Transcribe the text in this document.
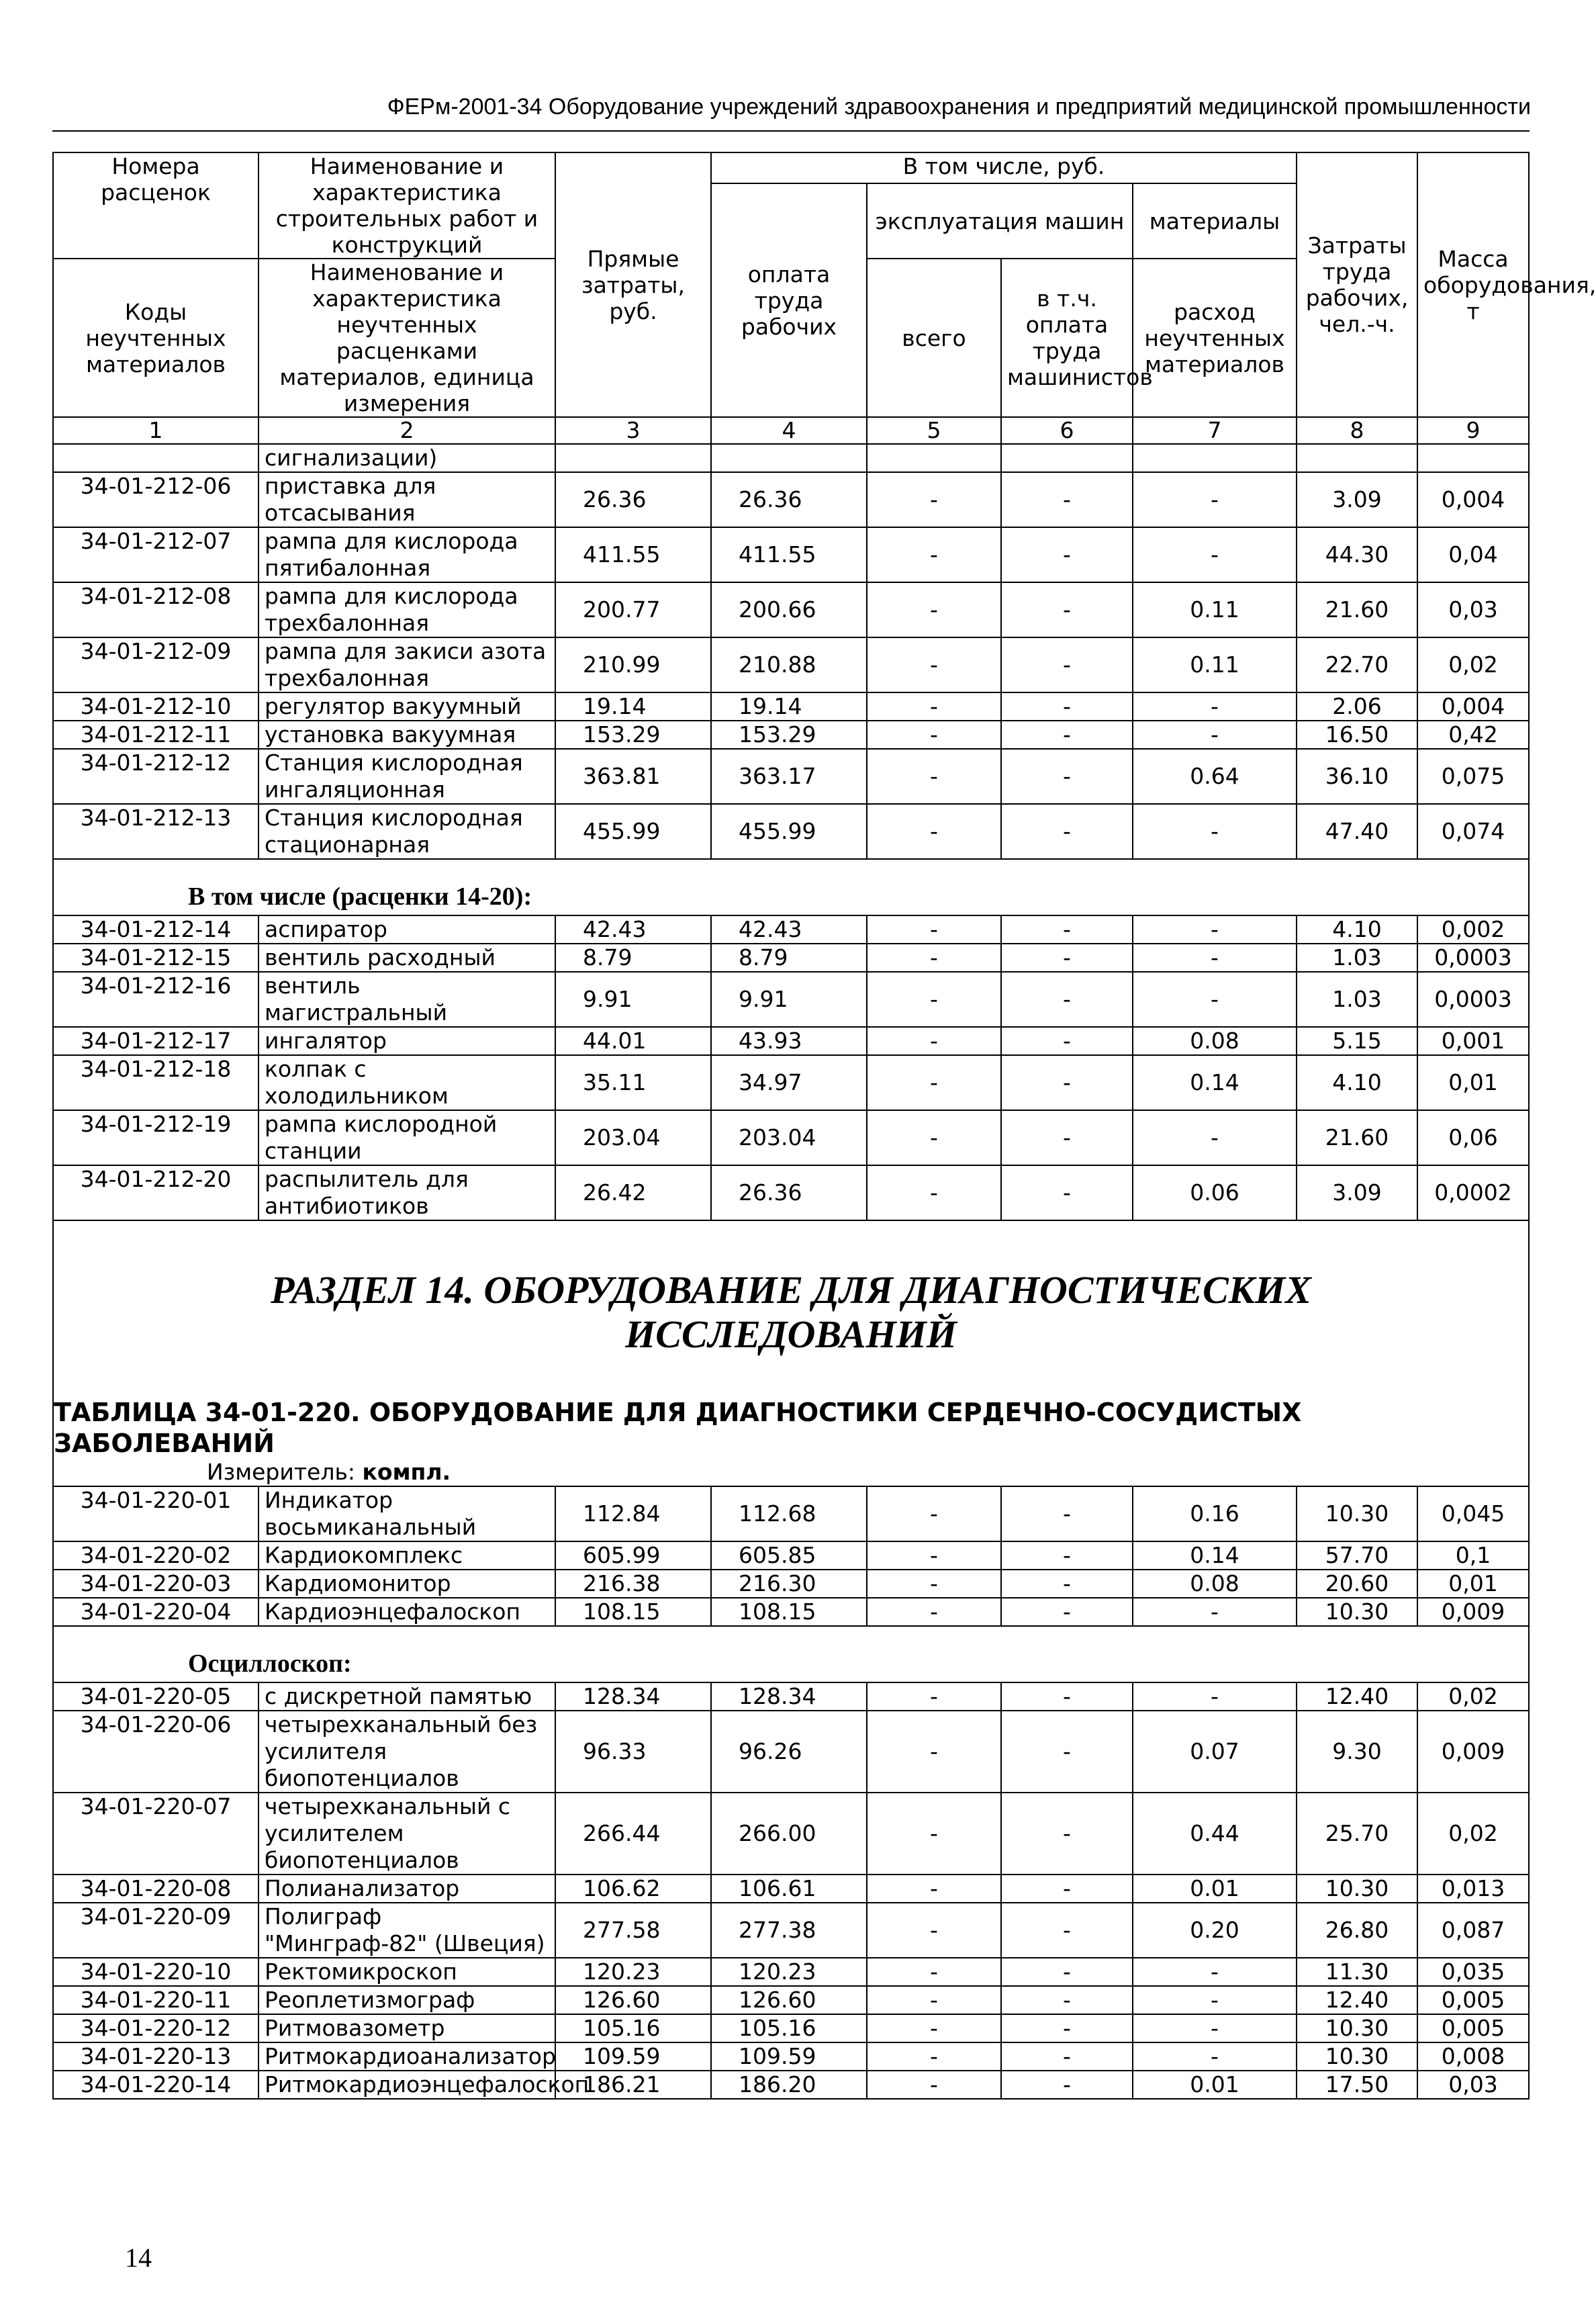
ФЕРм-2001-34 Оборудование учреждений здравоохранения и предприятий медицинской промышленности
Номера расценок	Наименование и характеристика строительных работ и конструкций	Прямые затраты, руб.	В том числе, руб.				Затраты труда рабочих, чел.-ч.	Масса оборудования, т
			оплата труда рабочих	эксплуатация машин		материалы		
Коды неучтенных материалов	Наименование и характеристика неучтенных расценками материалов, единица измерения			всего	в т.ч. оплата труда машинистов	расход неучтенных материалов		

1	2	3	4	5	6	7	8	9
	сигнализации)							
34-01-212-06	приставка для отсасывания	26.36	26.36	-	-	-	3.09	0,004
34-01-212-07	рампа для кислорода пятибалонная	411.55	411.55	-	-	-	44.30	0,04
34-01-212-08	рампа для кислорода трехбалонная	200.77	200.66	-	-	0.11	21.60	0,03
34-01-212-09	рампа для закиси азота трехбалонная	210.99	210.88	-	-	0.11	22.70	0,02
34-01-212-10	регулятор вакуумный	19.14	19.14	-	-	-	2.06	0,004
34-01-212-11	установка вакуумная	153.29	153.29	-	-	-	16.50	0,42
34-01-212-12	Станция кислородная ингаляционная	363.81	363.17	-	-	0.64	36.10	0,075
34-01-212-13	Станция кислородная стационарная	455.99	455.99	-	-	-	47.40	0,074
В том числе (расценки 14-20):								
34-01-212-14	аспиратор	42.43	42.43	-	-	-	4.10	0,002
34-01-212-15	вентиль расходный	8.79	8.79	-	-	-	1.03	0,0003
34-01-212-16	вентиль магистральный	9.91	9.91	-	-	-	1.03	0,0003
34-01-212-17	ингалятор	44.01	43.93	-	-	0.08	5.15	0,001
34-01-212-18	колпак с холодильником	35.11	34.97	-	-	0.14	4.10	0,01
34-01-212-19	рампа кислородной станции	203.04	203.04	-	-	-	21.60	0,06
34-01-212-20	распылитель для антибиотиков	26.42	26.36	-	-	0.06	3.09	0,0002

РАЗДЕЛ 14. ОБОРУДОВАНИЕ ДЛЯ ДИАГНОСТИЧЕСКИХ
ИССЛЕДОВАНИЙ
ТАБЛИЦА 34-01-220. ОБОРУДОВАНИЕ ДЛЯ ДИАГНОСТИКИ СЕРДЕЧНО-СОСУДИСТЫХ ЗАБОЛЕВАНИЙ
Измеритель: компл.								

34-01-220-01	Индикатор восьмиканальный	112.84	112.68	-	-	0.16	10.30	0,045
34-01-220-02	Кардиокомплекс	605.99	605.85	-	-	0.14	57.70	0,1
34-01-220-03	Кардиомонитор	216.38	216.30	-	-	0.08	20.60	0,01
34-01-220-04	Кардиоэнцефалоскоп	108.15	108.15	-	-	-	10.30	0,009
Осциллоскоп:								
34-01-220-05	с дискретной памятью	128.34	128.34	-	-	-	12.40	0,02
34-01-220-06	четырехканальный без усилителя биопотенциалов	96.33	96.26	-	-	0.07	9.30	0,009
34-01-220-07	четырехканальный с усилителем биопотенциалов	266.44	266.00	-	-	0.44	25.70	0,02
34-01-220-08	Полианализатор	106.62	106.61	-	-	0.01	10.30	0,013
34-01-220-09	Полиграф "Минграф-82" (Швеция)	277.58	277.38	-	-	0.20	26.80	0,087
34-01-220-10	Ректомикроскоп	120.23	120.23	-	-	-	11.30	0,035
34-01-220-11	Реоплетизмограф	126.60	126.60	-	-	-	12.40	0,005
34-01-220-12	Ритмовазометр	105.16	105.16	-	-	-	10.30	0,005
34-01-220-13	Ритмокардиоанализатор	109.59	109.59	-	-	-	10.30	0,008
34-01-220-14	Ритмокардиоэнцефалоскоп	186.21	186.20	-	-	0.01	17.50	0,03
14
